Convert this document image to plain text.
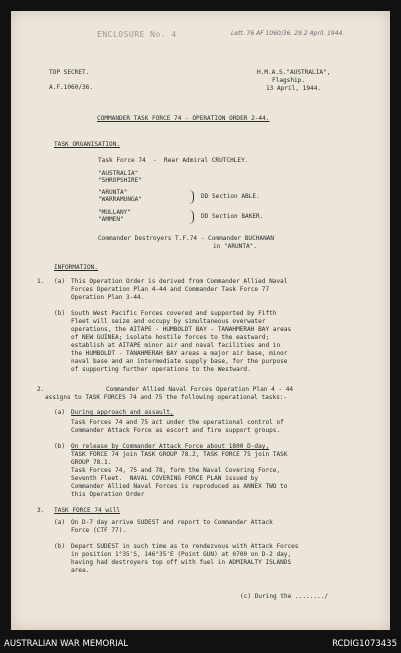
ENCLOSURE No. 4	Lett. 76 AF 1060/36. 29.2 April. 1944.
TOP SECRET.
A.F.1060/36.
H.M.A.S."AUSTRALIA",
Flagship.
13 April, 1944.
COMMANDER TASK FORCE 74 - OPERATION ORDER 2-44.
TASK ORGANISATION.
Task Force 74  -  Rear Admiral CRUTCHLEY.
"AUSTRALIA"
"SHROPSHIRE"
"ARUNTA"
"WARRAMUNGA"	DD Section ABLE.
"MULLANY"
"AMMEN"	DD Section BAKER.
Commander Destroyers T.F.74 - Commander BUCHANAN
in "ARUNTA".
INFORMATION.
1. (a) This Operation Order is derived from Commander Allied Naval
Forces Operation Plan 4-44 and Commander Task Force 77
Operation Plan 3-44.
(b) South West Pacific Forces covered and supported by Fifth
Fleet will seize and occupy by simultaneous overwater
operations, the AITAPE - HUMBOLDT BAY - TANAHMERAH BAY areas
of NEW GUINEA; isolate hostile forces to the eastward;
establish at AITAPE minor air and naval facilities and in
the HUMBOLDT - TANAHMERAH BAY areas a major air base, minor
naval base and an intermediate supply base, for the purpose
of supporting further operations to the Westward.
2.	Commander Allied Naval Forces Operation Plan 4 - 44
assigns to TASK FORCES 74 and 75 the following operational tasks:-
(a) During approach and assault,
Task Forces 74 and 75 act under the operational control of
Commander Attack Force as escort and fire support groups.
(b) On release by Commander Attack Force about 1800 D-day,
TASK FORCE 74 join TASK GROUP 78.2, TASK FORCE 75 join TASK
GROUP 78.1.
Task Forces 74, 75 and 78, form the Naval Covering Force,
Seventh Fleet.  NAVAL COVERING FORCE PLAN issued by
Commander Allied Naval Forces is reproduced as ANNEX TWO to
this Operation Order
3. TASK FORCE 74 will
(a) On D-7 day arrive SUDEST and report to Commander Attack
Force (CTF 77).
(b) Depart SUDEST in such time as to rendezvous with Attack Forces
in position 1°35'S, 146°35'E (Point GUN) at 0700 on D-2 day,
having had destroyers top off with fuel in ADMIRALTY ISLANDS
area.
(c) During the ......../
AUSTRALIAN WAR MEMORIAL	RCDIG1073435
